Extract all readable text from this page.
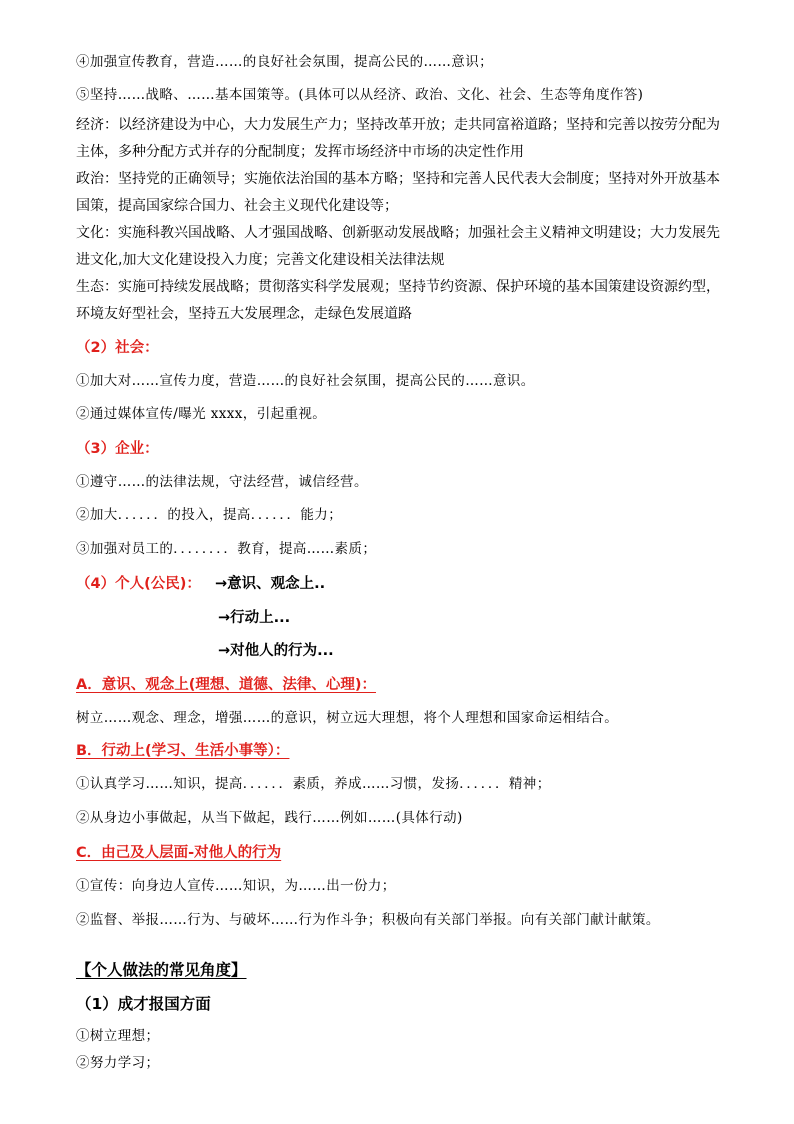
④加强宣传教育，营造……的良好社会氛围，提高公民的……意识；
⑤坚持……战略、……基本国策等。(具体可以从经济、政治、文化、社会、生态等角度作答)
经济：以经济建设为中心，大力发展生产力；坚持改革开放；走共同富裕道路；坚持和完善以按劳分配为
主体，多种分配方式并存的分配制度；发挥市场经济中市场的决定性作用
政治：坚持党的正确领导；实施依法治国的基本方略；坚持和完善人民代表大会制度；坚持对外开放基本
国策，提高国家综合国力、社会主义现代化建设等；
文化：实施科教兴国战略、人才强国战略、创新驱动发展战略；加强社会主义精神文明建设；大力发展先
进文化,加大文化建设投入力度；完善文化建设相关法律法规
生态：实施可持续发展战略；贯彻落实科学发展观；坚持节约资源、保护环境的基本国策建设资源约型，
环境友好型社会，坚持五大发展理念，走绿色发展道路
（2）社会：
①加大对……宣传力度，营造……的良好社会氛围，提高公民的……意识。
②通过媒体宣传/曝光 xxxx，引起重视。
（3）企业：
①遵守……的法律法规，守法经营，诚信经营。
②加大．．．．．．的投入，提高．．．．．．能力；
③加强对员工的．．．．．．．．教育，提高……素质；
（4）个人(公民)： →意识、观念上..
→行动上...
→对他人的行为...
A．意识、观念上(理想、道德、法律、心理)：
树立……观念、理念，增强……的意识，树立远大理想，将个人理想和国家命运相结合。
B．行动上(学习、生活小事等）：
①认真学习……知识，提高．．．．．．素质，养成……习惯，发扬．．．．．．精神；
②从身边小事做起，从当下做起，践行……例如……(具体行动)
C．由己及人层面-对他人的行为
①宣传：向身边人宣传……知识，为……出一份力；
②监督、举报……行为、与破坏……行为作斗争；积极向有关部门举报。向有关部门献计献策。
【个人做法的常见角度】
（1）成才报国方面
①树立理想；
②努力学习；
